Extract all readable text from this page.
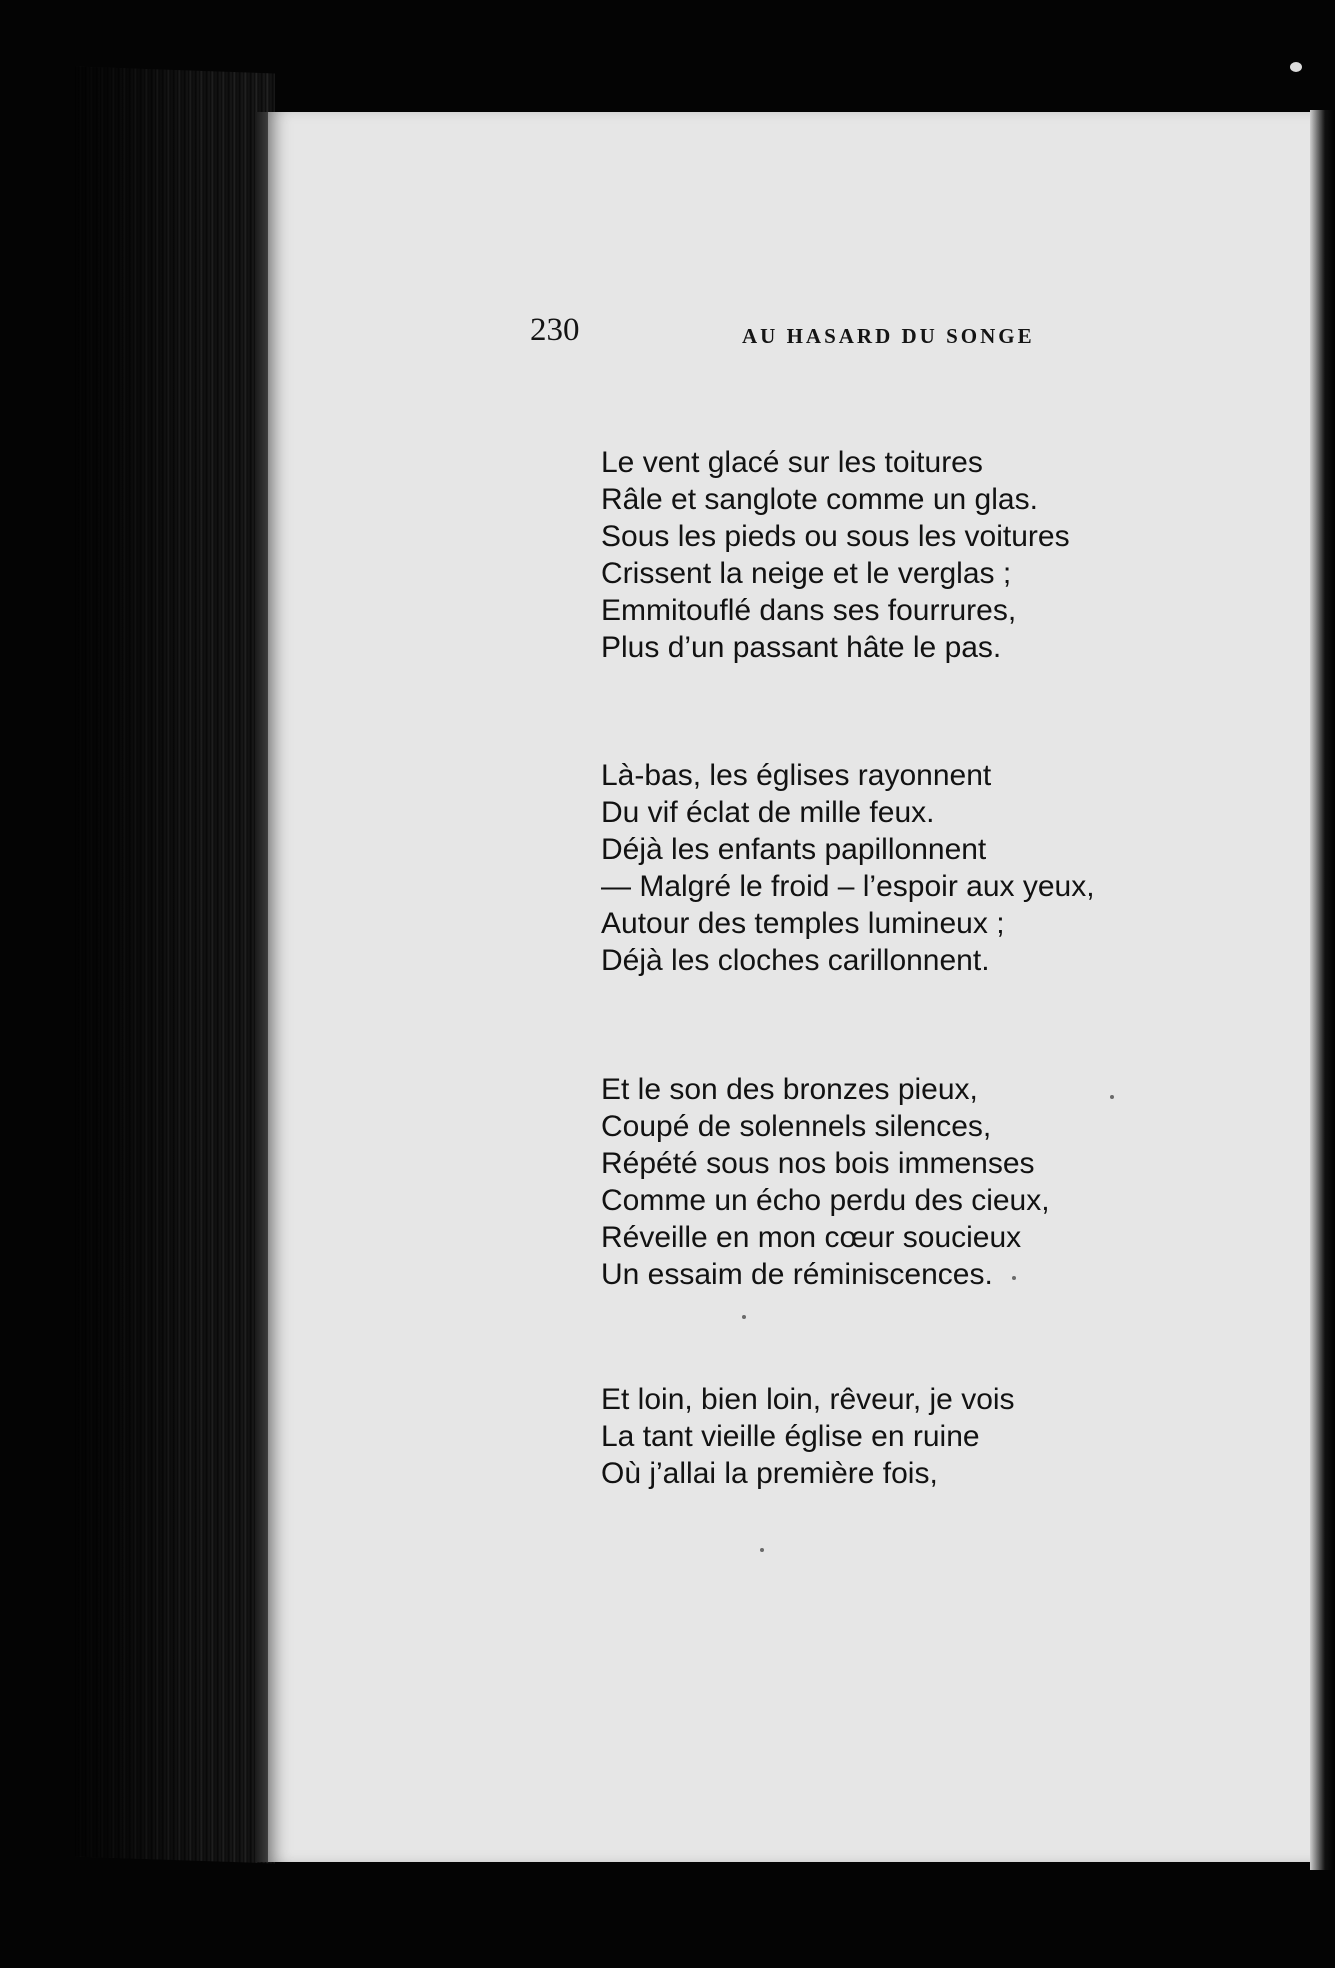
230	AU HASARD DU SONGE
Le vent glacé sur les toitures
Râle et sanglote comme un glas.
Sous les pieds ou sous les voitures
Crissent la neige et le verglas ;
Emmitouflé dans ses fourrures,
Plus d’un passant hâte le pas.
Là-bas, les églises rayonnent
Du vif éclat de mille feux.
Déjà les enfants papillonnent
— Malgré le froid – l’espoir aux yeux,
Autour des temples lumineux ;
Déjà les cloches carillonnent.
Et le son des bronzes pieux,
Coupé de solennels silences,
Répété sous nos bois immenses
Comme un écho perdu des cieux,
Réveille en mon cœur soucieux
Un essaim de réminiscences.
Et loin, bien loin, rêveur, je vois
La tant vieille église en ruine
Où j’allai la première fois,
